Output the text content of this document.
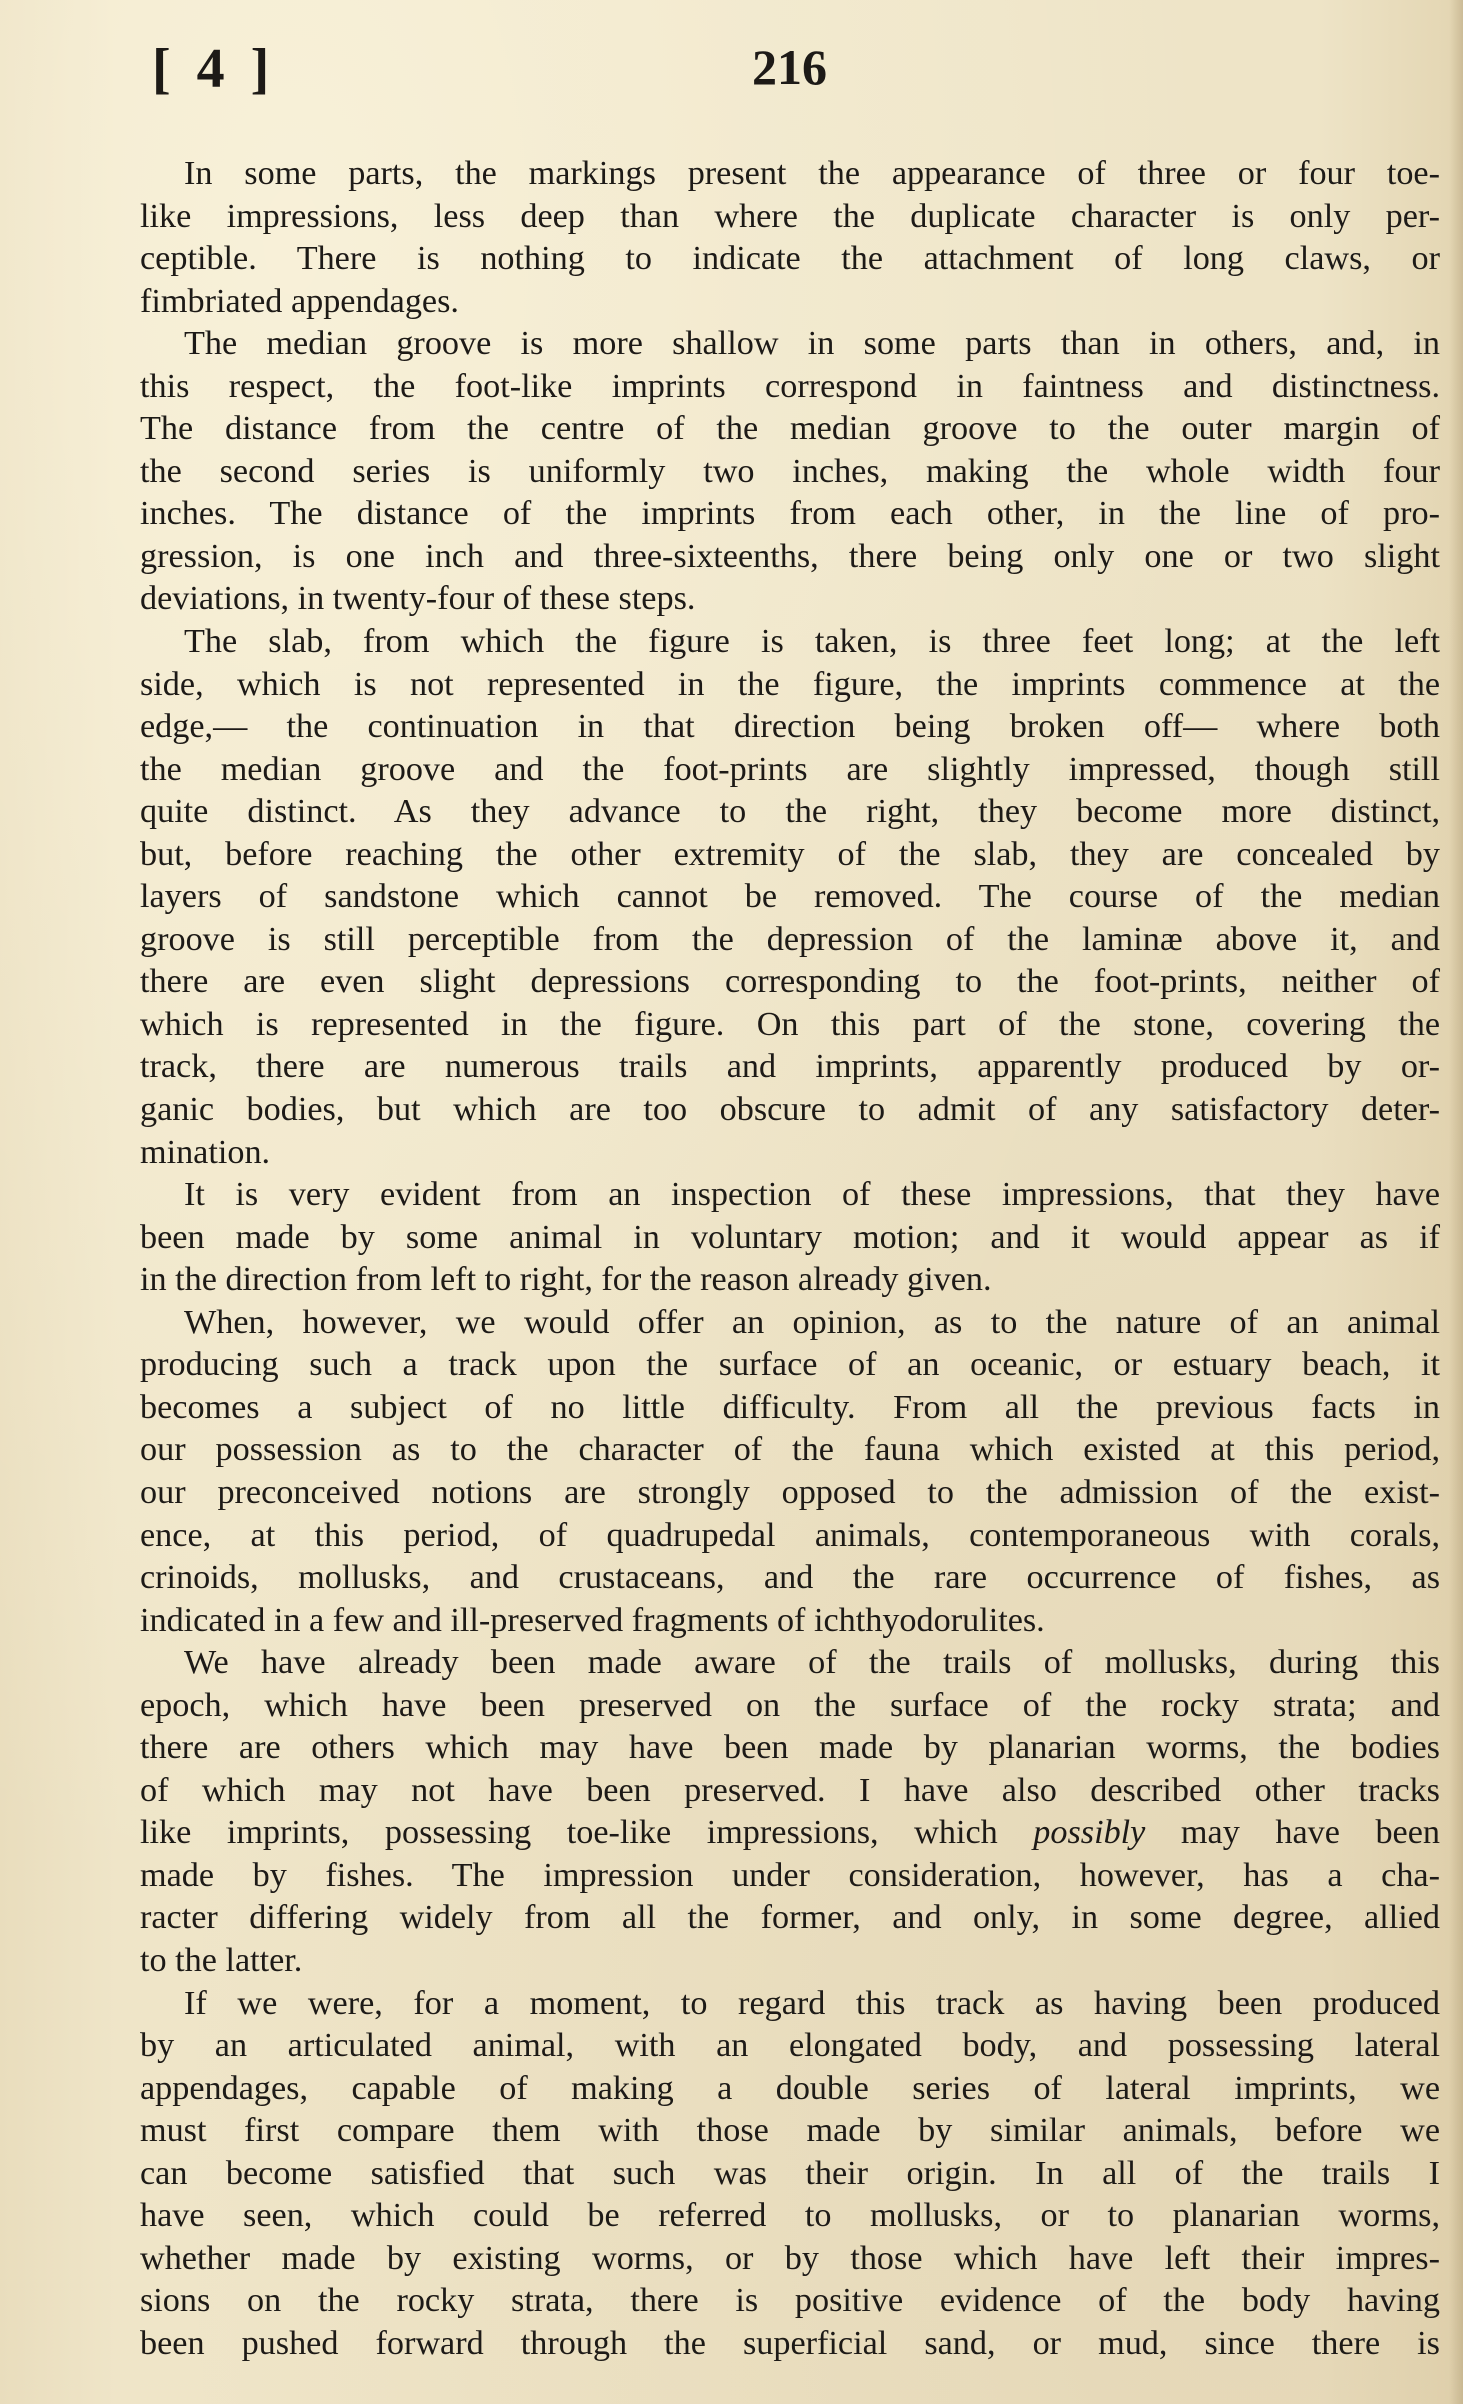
[ 4 ]	216
In some parts, the markings present the appearance of three or four toe-
like impressions, less deep than where the duplicate character is only per-
ceptible. There is nothing to indicate the attachment of long claws, or
fimbriated appendages.
The median groove is more shallow in some parts than in others, and, in
this respect, the foot-like imprints correspond in faintness and distinctness.
The distance from the centre of the median groove to the outer margin of
the second series is uniformly two inches, making the whole width four
inches. The distance of the imprints from each other, in the line of pro-
gression, is one inch and three-sixteenths, there being only one or two slight
deviations, in twenty-four of these steps.
The slab, from which the figure is taken, is three feet long; at the left
side, which is not represented in the figure, the imprints commence at the
edge,— the continuation in that direction being broken off— where both
the median groove and the foot-prints are slightly impressed, though still
quite distinct. As they advance to the right, they become more distinct,
but, before reaching the other extremity of the slab, they are concealed by
layers of sandstone which cannot be removed. The course of the median
groove is still perceptible from the depression of the laminæ above it, and
there are even slight depressions corresponding to the foot-prints, neither of
which is represented in the figure. On this part of the stone, covering the
track, there are numerous trails and imprints, apparently produced by or-
ganic bodies, but which are too obscure to admit of any satisfactory deter-
mination.
It is very evident from an inspection of these impressions, that they have
been made by some animal in voluntary motion; and it would appear as if
in the direction from left to right, for the reason already given.
When, however, we would offer an opinion, as to the nature of an animal
producing such a track upon the surface of an oceanic, or estuary beach, it
becomes a subject of no little difficulty. From all the previous facts in
our possession as to the character of the fauna which existed at this period,
our preconceived notions are strongly opposed to the admission of the exist-
ence, at this period, of quadrupedal animals, contemporaneous with corals,
crinoids, mollusks, and crustaceans, and the rare occurrence of fishes, as
indicated in a few and ill-preserved fragments of ichthyodorulites.
We have already been made aware of the trails of mollusks, during this
epoch, which have been preserved on the surface of the rocky strata; and
there are others which may have been made by planarian worms, the bodies
of which may not have been preserved. I have also described other tracks
like imprints, possessing toe-like impressions, which possibly may have been
made by fishes. The impression under consideration, however, has a cha-
racter differing widely from all the former, and only, in some degree, allied
to the latter.
If we were, for a moment, to regard this track as having been produced
by an articulated animal, with an elongated body, and possessing lateral
appendages, capable of making a double series of lateral imprints, we
must first compare them with those made by similar animals, before we
can become satisfied that such was their origin. In all of the trails I
have seen, which could be referred to mollusks, or to planarian worms,
whether made by existing worms, or by those which have left their impres-
sions on the rocky strata, there is positive evidence of the body having
been pushed forward through the superficial sand, or mud, since there is
